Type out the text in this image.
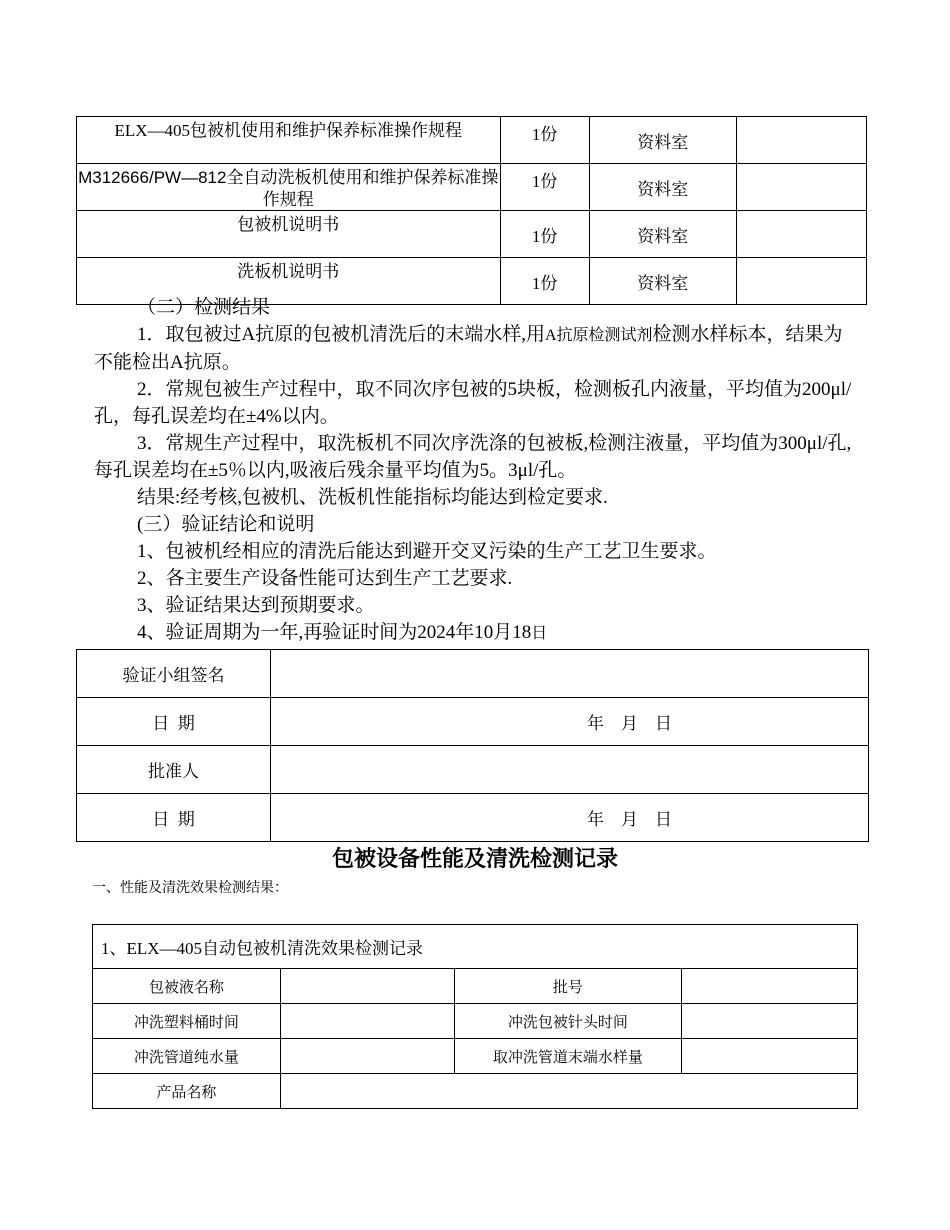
ELX—405包被机使用和维护保养标准操作规程	1份	资料室	

M312666/PW—812全自动洗板机使用和维护保养标准操作规程	1份	资料室	
包被机说明书	1份	资料室	
洗板机说明书	1份	资料室	

（二）检测结果

1．取包被过A抗原的包被机清洗后的末端水样,用A抗原检测试剂检测水样标本，结果为不能检出A抗原。

2．常规包被生产过程中，取不同次序包被的5块板，检测板孔内液量，平均值为200μl/孔，每孔误差均在±4%以内。

3．常规生产过程中，取洗板机不同次序洗涤的包被板,检测注液量，平均值为300μl/孔,每孔误差均在±5％以内,吸液后残余量平均值为5。3μl/孔。

结果:经考核,包被机、洗板机性能指标均能达到检定要求.

(三）验证结论和说明

1、包被机经相应的清洗后能达到避开交叉污染的生产工艺卫生要求。

2、各主要生产设备性能可达到生产工艺要求.

3、验证结果达到预期要求。

4、验证周期为一年,再验证时间为2024年10月18日

验证小组签名	
日  期	年    月    日
批准人	
日  期	年    月    日
包被设备性能及清洗检测记录
一、性能及清洗效果检测结果：
1、ELX—405自动包被机清洗效果检测记录			
包被液名称		批号	
冲洗塑料桶时间		冲洗包被针头时间	
冲洗管道纯水量		取冲洗管道末端水样量	
产品名称			
